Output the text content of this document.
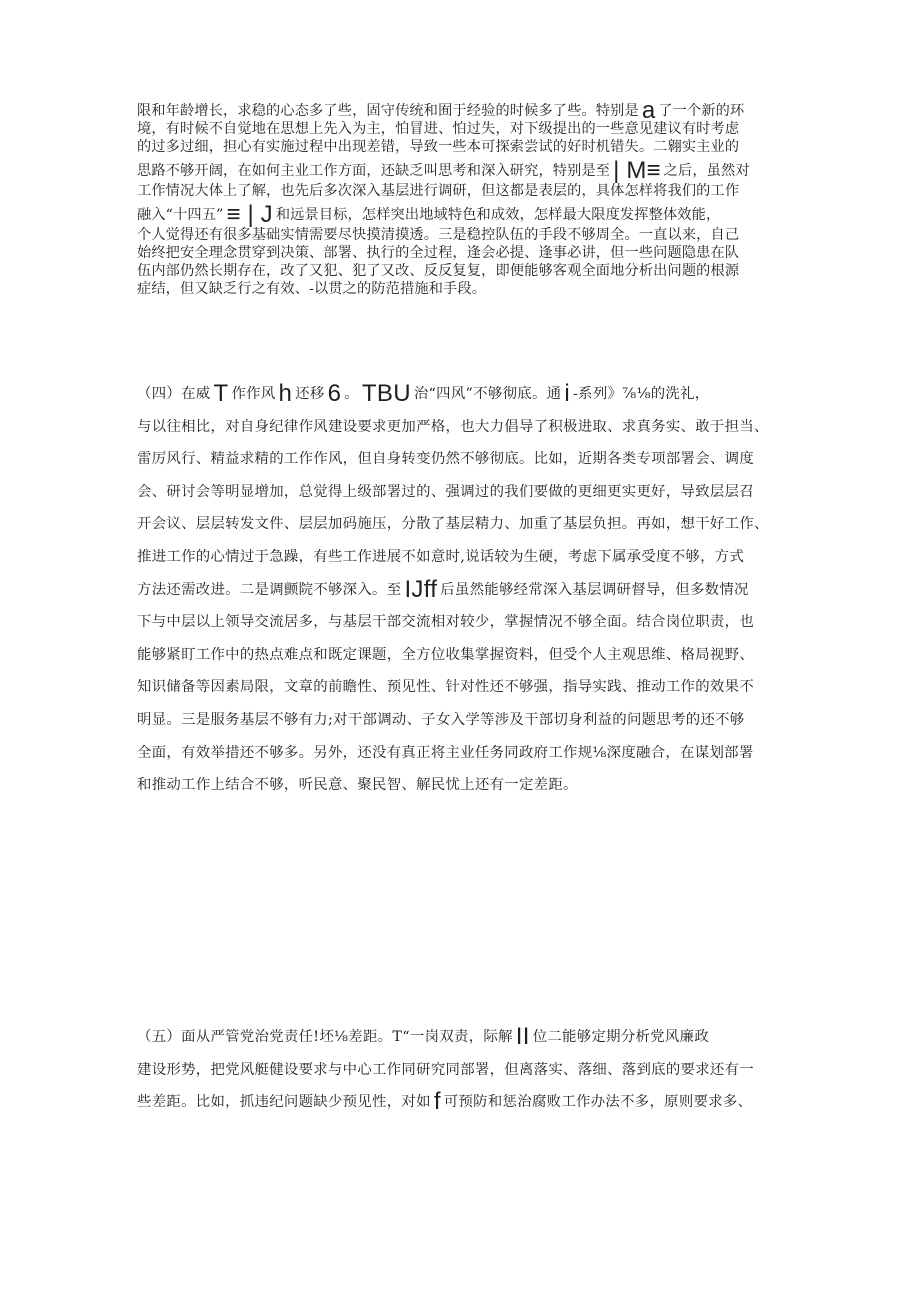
限和年龄增长，求稳的心态多了些，固守传统和囿于经验的时候多了些。特别是 a 了一个新的环
境，有时候不自觉地在思想上先入为主，怕冒进、怕过失，对下级提出的一些意见建议有时考虑
的过多过细，担心有实施过程中出现差错，导致一些本可探索尝试的好时机错失。二翱实主业的
思路不够开阔，在如何主业工作方面，还缺乏叫思考和深入研究，特别是至 | M≡ 之后，虽然对
工作情况大体上了解，也先后多次深入基层进行调研，但这都是表层的，具体怎样将我们的工作
融入“十四五” ≡ | J 和远景目标，怎样突出地域特色和成效，怎样最大限度发挥整体效能，
个人觉得还有很多基础实情需要尽快摸清摸透。三是稳控队伍的手段不够周全。一直以来，自己
始终把安全理念贯穿到决策、部署、执行的全过程，逢会必提、逢事必讲，但一些问题隐患在队
伍内部仍然长期存在，改了又犯、犯了又改、反反复复，即便能够客观全面地分析出问题的根源
症结，但又缺乏行之有效、-以贯之的防范措施和手段。
（四）在威 T 作作风 h 还移 6 。 TBU 治“四风”不够彻底。通 i -系列》⅞⅛的洗礼，
与以往相比，对自身纪律作风建设要求更加严格，也大力倡导了积极进取、求真务实、敢于担当、
雷厉风行、精益求精的工作作风，但自身转变仍然不够彻底。比如，近期各类专项部署会、调度
会、研讨会等明显增加，总觉得上级部署过的、强调过的我们要做的更细更实更好，导致层层召
开会议、层层转发文件、层层加码施压，分散了基层精力、加重了基层负担。再如，想干好工作、
推进工作的心情过于急躁，有些工作进展不如意时,说话较为生硬，考虑下属承受度不够，方式
方法还需改进。二是调颤院不够深入。至 IJff 后虽然能够经常深入基层调研督导，但多数情况
下与中层以上领导交流居多，与基层干部交流相对较少，掌握情况不够全面。结合岗位职责，也
能够紧盯工作中的热点难点和既定课题，全方位收集掌握资料，但受个人主观思维、格局视野、
知识储备等因素局限，文章的前瞻性、预见性、针对性还不够强，指导实践、推动工作的效果不
明显。三是服务基层不够有力;对干部调动、子女入学等涉及干部切身利益的问题思考的还不够
全面，有效举措还不够多。另外，还没有真正将主业任务同政府工作规⅛深度融合，在谋划部署
和推动工作上结合不够，听民意、聚民智、解民忧上还有一定差距。
（五）面从严管党治党责任!坯⅛差距。T“一岗双责，际解 II 位二能够定期分析党风廉政
建设形势，把党风艇健设要求与中心工作同研究同部署，但离落实、落细、落到底的要求还有一
些差距。比如，抓违纪问题缺少预见性，对如 f 可预防和惩治腐败工作办法不多，原则要求多、
